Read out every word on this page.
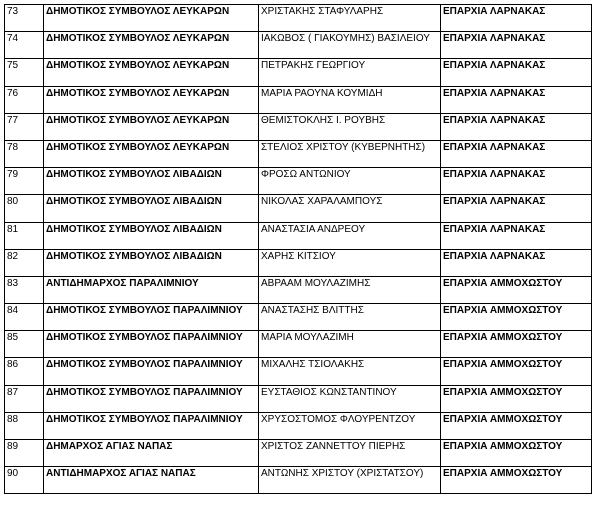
73	ΔΗΜΟΤΙΚΟΣ ΣΥΜΒΟΥΛΟΣ ΛΕΥΚΑΡΩΝ	ΧΡΙΣΤΑΚΗΣ ΣΤΑΦΥΛΑΡΗΣ	ΕΠΑΡΧΙΑ ΛΑΡΝΑΚΑΣ
74	ΔΗΜΟΤΙΚΟΣ ΣΥΜΒΟΥΛΟΣ ΛΕΥΚΑΡΩΝ	ΙΑΚΩΒΟΣ ( ΓΙΑΚΟΥΜΗΣ) ΒΑΣΙΛΕΙΟΥ	ΕΠΑΡΧΙΑ ΛΑΡΝΑΚΑΣ
75	ΔΗΜΟΤΙΚΟΣ ΣΥΜΒΟΥΛΟΣ ΛΕΥΚΑΡΩΝ	ΠΕΤΡΑΚΗΣ ΓΕΩΡΓΙΟΥ	ΕΠΑΡΧΙΑ ΛΑΡΝΑΚΑΣ
76	ΔΗΜΟΤΙΚΟΣ ΣΥΜΒΟΥΛΟΣ ΛΕΥΚΑΡΩΝ	ΜΑΡΙΑ ΡΑΟΥΝΑ ΚΟΥΜΙΔΗ	ΕΠΑΡΧΙΑ ΛΑΡΝΑΚΑΣ
77	ΔΗΜΟΤΙΚΟΣ ΣΥΜΒΟΥΛΟΣ ΛΕΥΚΑΡΩΝ	ΘΕΜΙΣΤΟΚΛΗΣ Ι. ΡΟΥΒΗΣ	ΕΠΑΡΧΙΑ ΛΑΡΝΑΚΑΣ
78	ΔΗΜΟΤΙΚΟΣ ΣΥΜΒΟΥΛΟΣ ΛΕΥΚΑΡΩΝ	ΣΤΕΛΙΟΣ ΧΡΙΣΤΟΥ (ΚΥΒΕΡΝΗΤΗΣ)	ΕΠΑΡΧΙΑ ΛΑΡΝΑΚΑΣ
79	ΔΗΜΟΤΙΚΟΣ ΣΥΜΒΟΥΛΟΣ ΛΙΒΑΔΙΩΝ	ΦΡΟΣΩ ΑΝΤΩΝΙΟΥ	ΕΠΑΡΧΙΑ ΛΑΡΝΑΚΑΣ
80	ΔΗΜΟΤΙΚΟΣ ΣΥΜΒΟΥΛΟΣ ΛΙΒΑΔΙΩΝ	ΝΙΚΟΛΑΣ ΧΑΡΑΛΑΜΠΟΥΣ	ΕΠΑΡΧΙΑ ΛΑΡΝΑΚΑΣ
81	ΔΗΜΟΤΙΚΟΣ ΣΥΜΒΟΥΛΟΣ ΛΙΒΑΔΙΩΝ	ΑΝΑΣΤΑΣΙΑ ΑΝΔΡΕΟΥ	ΕΠΑΡΧΙΑ ΛΑΡΝΑΚΑΣ
82	ΔΗΜΟΤΙΚΟΣ ΣΥΜΒΟΥΛΟΣ ΛΙΒΑΔΙΩΝ	ΧΑΡΗΣ ΚΙΤΣΙΟΥ	ΕΠΑΡΧΙΑ ΛΑΡΝΑΚΑΣ
83	ΑΝΤΙΔΗΜΑΡΧΟΣ ΠΑΡΑΛΙΜΝΙΟΥ	ΑΒΡΑΑΜ ΜΟΥΛΑΖΙΜΗΣ	ΕΠΑΡΧΙΑ ΑΜΜΟΧΩΣΤΟΥ
84	ΔΗΜΟΤΙΚΟΣ ΣΥΜΒΟΥΛΟΣ ΠΑΡΑΛΙΜΝΙΟΥ	ΑΝΑΣΤΑΣΗΣ ΒΛΙΤΤΗΣ	ΕΠΑΡΧΙΑ ΑΜΜΟΧΩΣΤΟΥ
85	ΔΗΜΟΤΙΚΟΣ ΣΥΜΒΟΥΛΟΣ ΠΑΡΑΛΙΜΝΙΟΥ	ΜΑΡΙΑ ΜΟΥΛΑΖΙΜΗ	ΕΠΑΡΧΙΑ ΑΜΜΟΧΩΣΤΟΥ
86	ΔΗΜΟΤΙΚΟΣ ΣΥΜΒΟΥΛΟΣ ΠΑΡΑΛΙΜΝΙΟΥ	ΜΙΧΑΛΗΣ ΤΣΙΟΛΑΚΗΣ	ΕΠΑΡΧΙΑ ΑΜΜΟΧΩΣΤΟΥ
87	ΔΗΜΟΤΙΚΟΣ ΣΥΜΒΟΥΛΟΣ ΠΑΡΑΛΙΜΝΙΟΥ	ΕΥΣΤΑΘΙΟΣ ΚΩΝΣΤΑΝΤΙΝΟΥ	ΕΠΑΡΧΙΑ ΑΜΜΟΧΩΣΤΟΥ
88	ΔΗΜΟΤΙΚΟΣ ΣΥΜΒΟΥΛΟΣ ΠΑΡΑΛΙΜΝΙΟΥ	ΧΡΥΣΟΣΤΟΜΟΣ ΦΛΟΥΡΕΝΤΖΟΥ	ΕΠΑΡΧΙΑ ΑΜΜΟΧΩΣΤΟΥ
89	ΔΗΜΑΡΧΟΣ ΑΓΙΑΣ ΝΑΠΑΣ	ΧΡΙΣΤΟΣ ΖΑΝΝΕΤΤΟΥ ΠΙΕΡΗΣ	ΕΠΑΡΧΙΑ ΑΜΜΟΧΩΣΤΟΥ
90	ΑΝΤΙΔΗΜΑΡΧΟΣ ΑΓΙΑΣ ΝΑΠΑΣ	ΑΝΤΩΝΗΣ ΧΡΙΣΤΟΥ (ΧΡΙΣΤΑΤΣΟΥ)	ΕΠΑΡΧΙΑ ΑΜΜΟΧΩΣΤΟΥ
